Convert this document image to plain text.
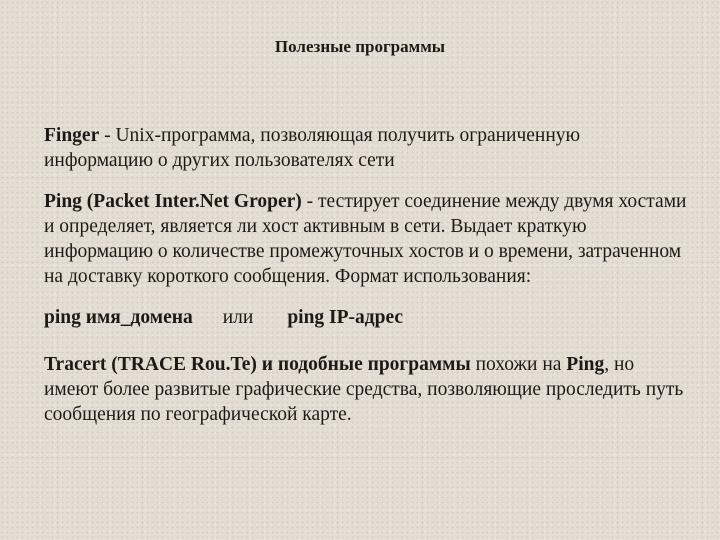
Полезные программы

Finger - Unix-программа, позволяющая получить ограниченную информацию о других пользователях сети

Ping (Packet Inter.Net Groper) - тестирует соединение между двумя хостами и определяет, является ли хост активным в сети. Выдает краткую информацию о количестве промежуточных хостов и о времени, затраченном на доставку короткого сообщения. Формат использования:

ping имя_домена или ping IP-адрес

Tracert (TRACE Rou.Te) и подобные программы похожи на Ping, но имеют более развитые графические средства, позволяющие проследить путь сообщения по географической карте.
